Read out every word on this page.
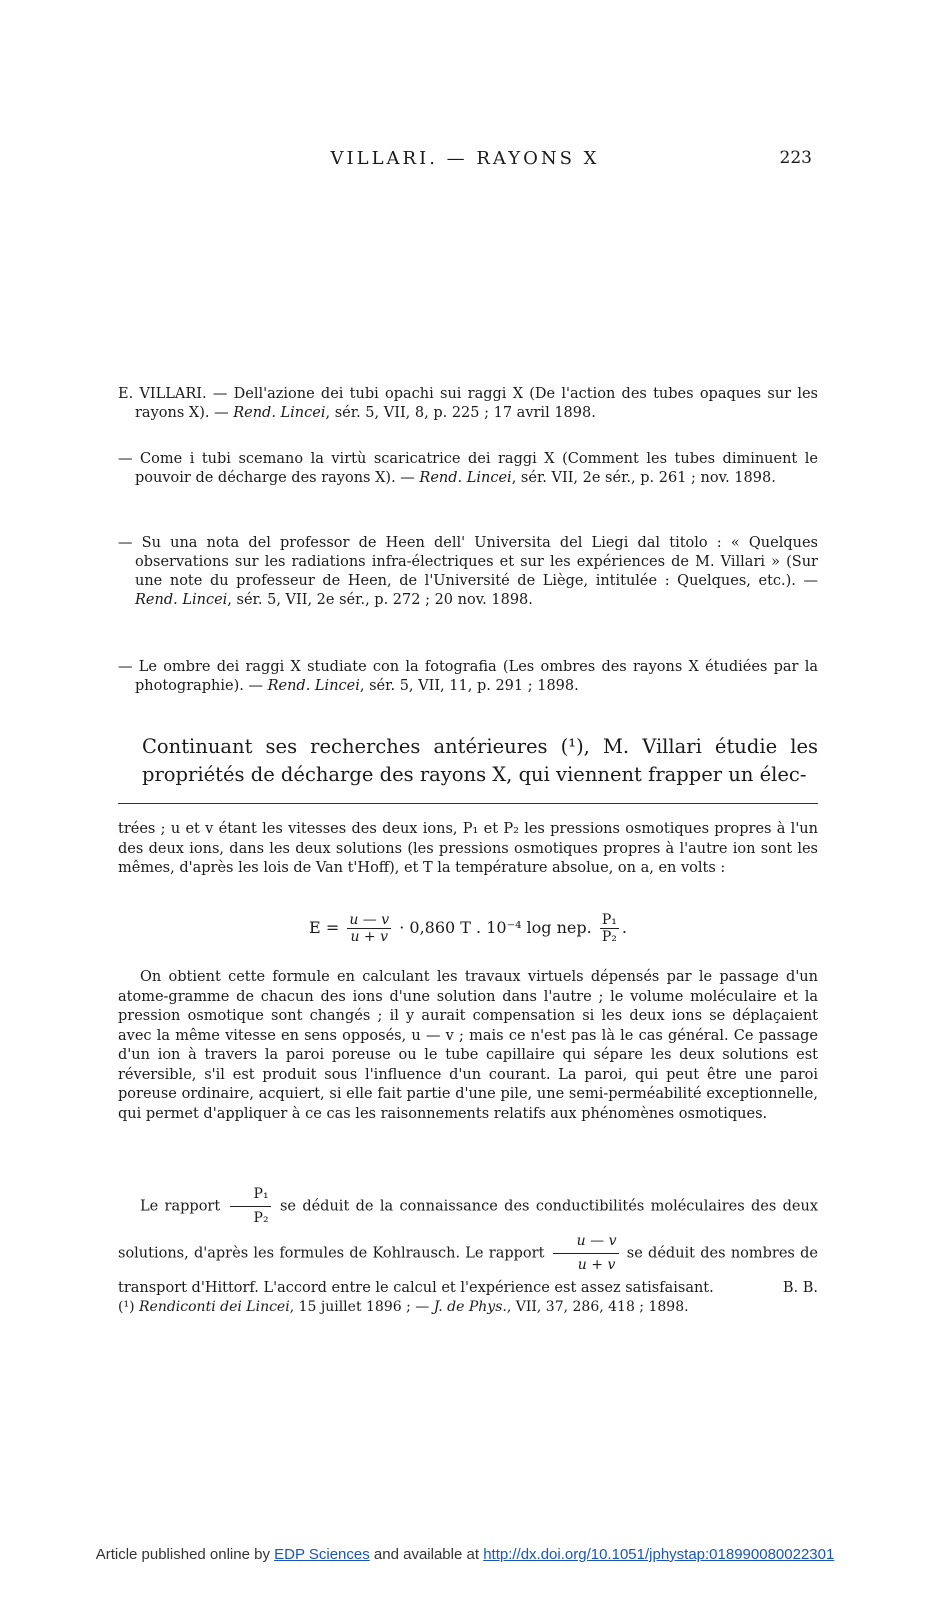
VILLARI. — RAYONS X	223

E. VILLARI. — Dell'azione dei tubi opachi sui raggi X (De l'action des tubes opaques sur les rayons X). — Rend. Lincei, sér. 5, VII, 8, p. 225 ; 17 avril 1898.

— Come i tubi scemano la virtù scaricatrice dei raggi X (Comment les tubes diminuent le pouvoir de décharge des rayons X). — Rend. Lincei, sér. VII, 2e sér., p. 261 ; nov. 1898.

— Su una nota del professor de Heen dell' Universita del Liegi dal titolo : « Quelques observations sur les radiations infra-électriques et sur les expériences de M. Villari » (Sur une note du professeur de Heen, de l'Université de Liège, intitulée : Quelques, etc.). — Rend. Lincei, sér. 5, VII, 2e sér., p. 272 ; 20 nov. 1898.

— Le ombre dei raggi X studiate con la fotografia (Les ombres des rayons X étudiées par la photographie). — Rend. Lincei, sér. 5, VII, 11, p. 291 ; 1898.

Continuant ses recherches antérieures (¹), M. Villari étudie les propriétés de décharge des rayons X, qui viennent frapper un élec-
trées ; u et v étant les vitesses des deux ions, P₁ et P₂ les pressions osmotiques propres à l'un des deux ions, dans les deux solutions (les pressions osmotiques propres à l'autre ion sont les mêmes, d'après les lois de Van t'Hoff), et T la température absolue, on a, en volts :
$E = \frac{u — v}{u + v} \cdot 0,860$ T . 10⁻⁴ log nep. $\frac{\text{P₁}}{\text{P₂}}$ .

On obtient cette formule en calculant les travaux virtuels dépensés par le passage d'un atome-gramme de chacun des ions d'une solution dans l'autre ; le volume moléculaire et la pression osmotique sont changés ; il y aurait compensation si les deux ions se déplaçaient avec la même vitesse en sens opposés, u — v ; mais ce n'est pas là le cas général. Ce passage d'un ion à travers la paroi poreuse ou le tube capillaire qui sépare les deux solutions est réversible, s'il est produit sous l'influence d'un courant. La paroi, qui peut être une paroi poreuse ordinaire, acquiert, si elle fait partie d'une pile, une semi-perméabilité exceptionnelle, qui permet d'appliquer à ce cas les raisonnements relatifs aux phénomènes osmotiques.

Le rapport $\frac{\text{P₁}}{\text{P₂}}$ se déduit de la connaissance des conductibilités moléculaires des deux solutions, d'après les formules de Kohlrausch. Le rapport $\frac{u — v}{u + v}$ se déduit des nombres de transport d'Hittorf. L'accord entre le calcul et l'expérience est assez satisfaisant.	B. B.

(¹) Rendiconti dei Lincei, 15 juillet 1896 ; — J. de Phys., VII, 37, 286, 418 ; 1898.
Article published online by EDP Sciences and available at http://dx.doi.org/10.1051/jphystap:018990080022301
